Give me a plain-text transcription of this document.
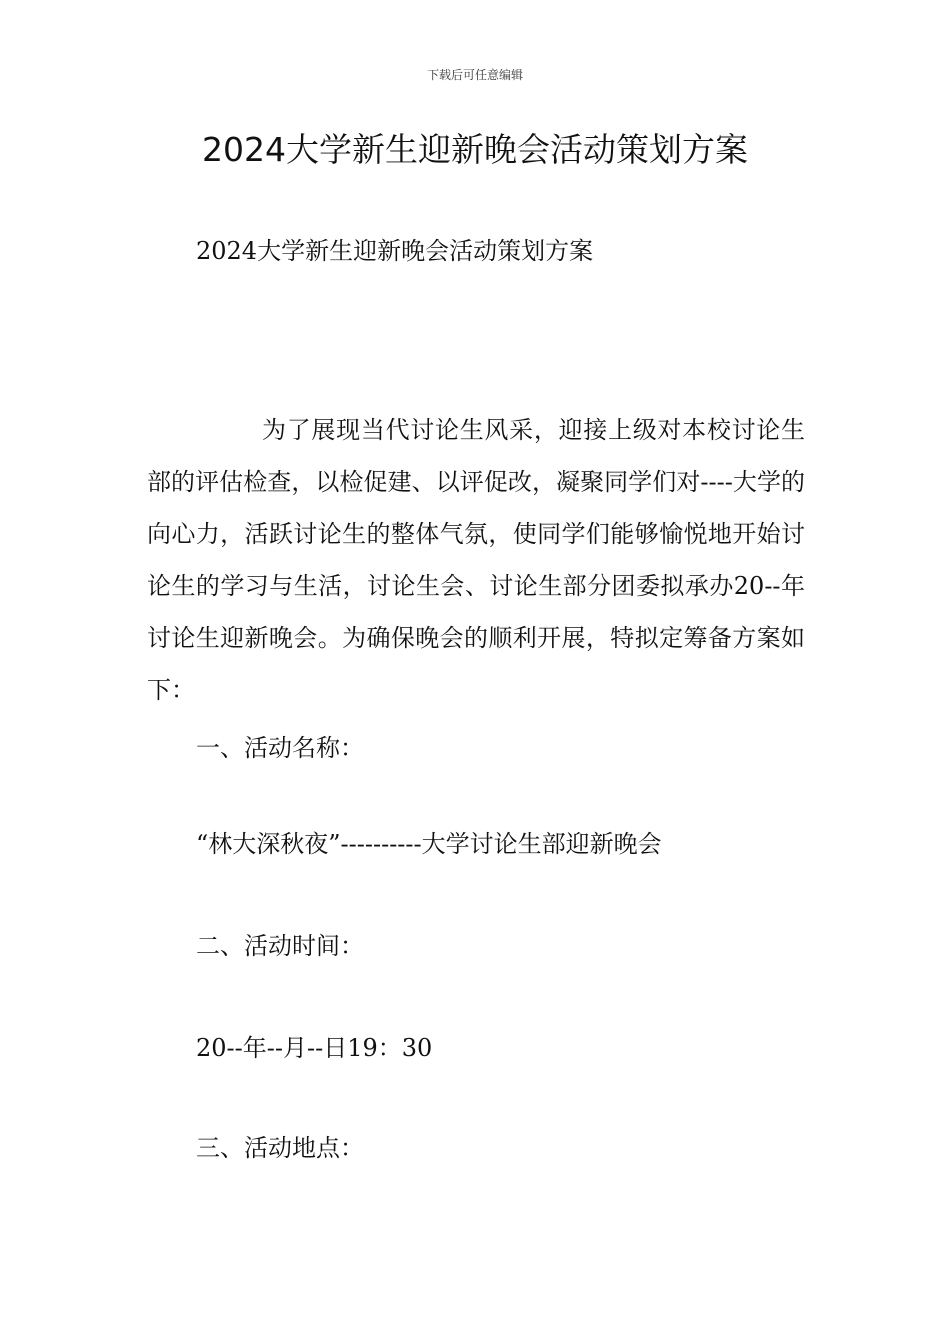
下载后可任意编辑
2024大学新生迎新晚会活动策划方案
2024大学新生迎新晚会活动策划方案

为了展现当代讨论生风采，迎接上级对本校讨论生部的评估检查，以检促建、以评促改，凝聚同学们对----大学的向心力，活跃讨论生的整体气氛，使同学们能够愉悦地开始讨论生的学习与生活，讨论生会、讨论生部分团委拟承办20--年讨论生迎新晚会。为确保晚会的顺利开展，特拟定筹备方案如下：

一、活动名称：
“林大深秋夜”----------大学讨论生部迎新晚会
二、活动时间：
20--年--月--日19：30
三、活动地点：
